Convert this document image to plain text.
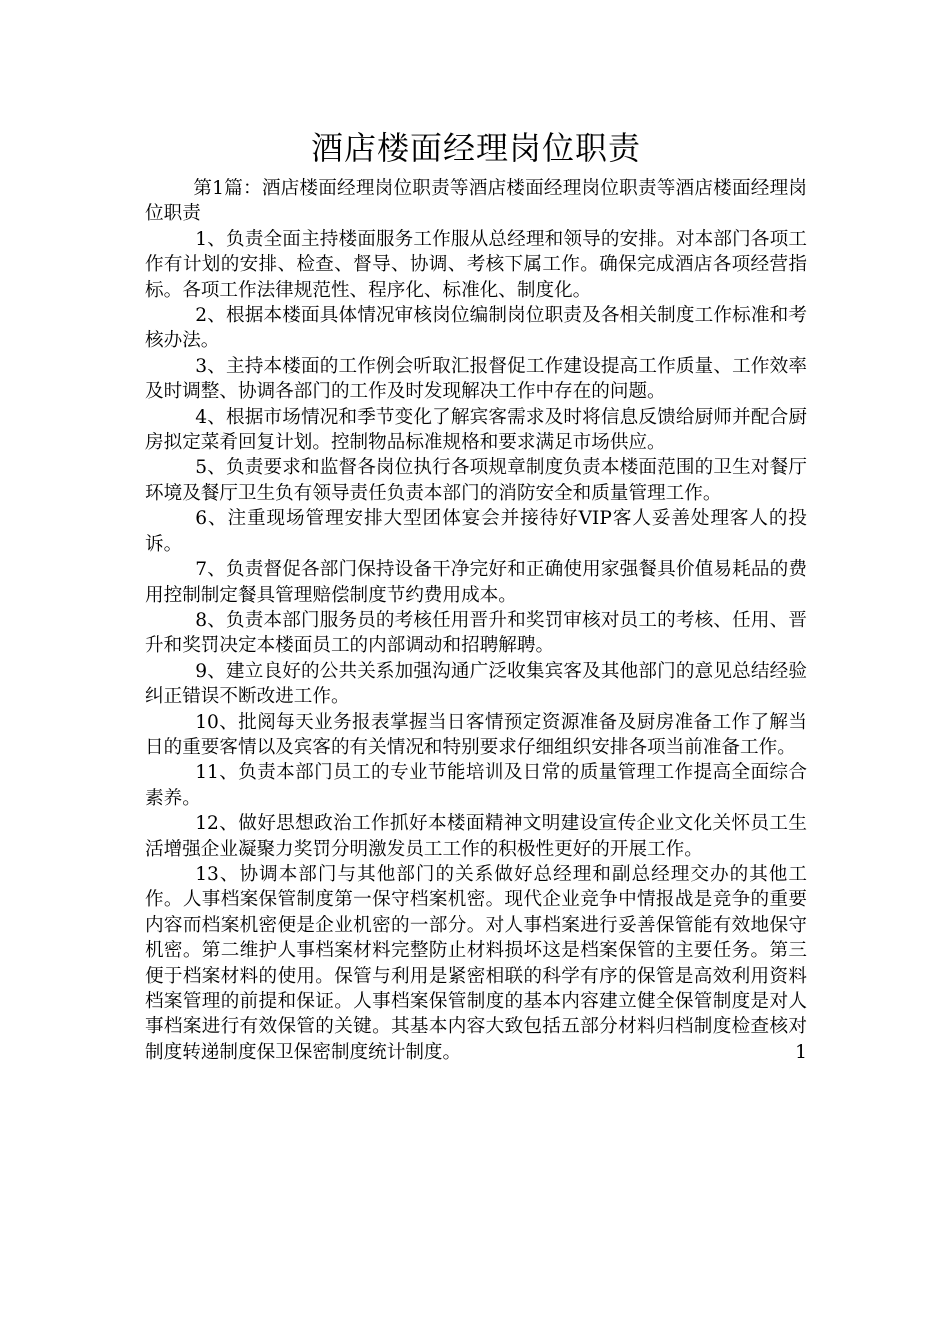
酒店楼面经理岗位职责

第1篇：酒店楼面经理岗位职责等酒店楼面经理岗位职责等酒店楼面经理岗位职责

1、负责全面主持楼面服务工作服从总经理和领导的安排。对本部门各项工作有计划的安排、检查、督导、协调、考核下属工作。确保完成酒店各项经营指标。各项工作法律规范性、程序化、标准化、制度化。

2、根据本楼面具体情况审核岗位编制岗位职责及各相关制度工作标准和考核办法。

3、主持本楼面的工作例会听取汇报督促工作建设提高工作质量、工作效率及时调整、协调各部门的工作及时发现解决工作中存在的问题。

4、根据市场情况和季节变化了解宾客需求及时将信息反馈给厨师并配合厨房拟定菜肴回复计划。控制物品标准规格和要求满足市场供应。

5、负责要求和监督各岗位执行各项规章制度负责本楼面范围的卫生对餐厅环境及餐厅卫生负有领导责任负责本部门的消防安全和质量管理工作。

6、注重现场管理安排大型团体宴会并接待好VIP客人妥善处理客人的投诉。

7、负责督促各部门保持设备干净完好和正确使用家强餐具价值易耗品的费用控制制定餐具管理赔偿制度节约费用成本。

8、负责本部门服务员的考核任用晋升和奖罚审核对员工的考核、任用、晋升和奖罚决定本楼面员工的内部调动和招聘解聘。

9、建立良好的公共关系加强沟通广泛收集宾客及其他部门的意见总结经验纠正错误不断改进工作。

10、批阅每天业务报表掌握当日客情预定资源准备及厨房准备工作了解当日的重要客情以及宾客的有关情况和特别要求仔细组织安排各项当前准备工作。

11、负责本部门员工的专业节能培训及日常的质量管理工作提高全面综合素养。

12、做好思想政治工作抓好本楼面精神文明建设宣传企业文化关怀员工生活增强企业凝聚力奖罚分明激发员工工作的积极性更好的开展工作。

13、协调本部门与其他部门的关系做好总经理和副总经理交办的其他工作。人事档案保管制度第一保守档案机密。现代企业竞争中情报战是竞争的重要内容而档案机密便是企业机密的一部分。对人事档案进行妥善保管能有效地保守机密。第二维护人事档案材料完整防止材料损坏这是档案保管的主要任务。第三便于档案材料的使用。保管与利用是紧密相联的科学有序的保管是高效利用资料档案管理的前提和保证。人事档案保管制度的基本内容建立健全保管制度是对人事档案进行有效保管的关键。其基本内容大致包括五部分材料归档制度检查核对制度转递制度保卫保密制度统计制度。	1
